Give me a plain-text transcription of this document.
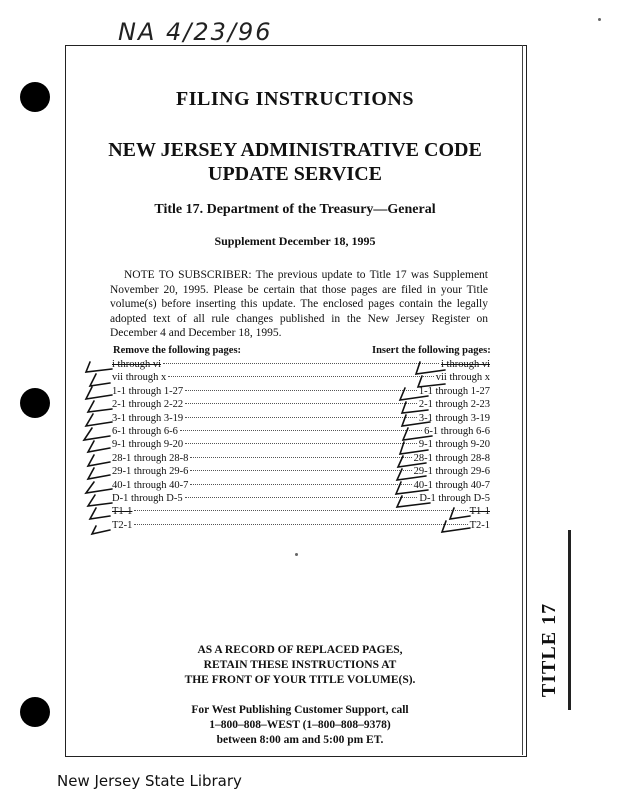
NA 4/23/96
TITLE 17
FILING INSTRUCTIONS
NEW JERSEY ADMINISTRATIVE CODE
UPDATE SERVICE
Title 17. Department of the Treasury—General
Supplement December 18, 1995
NOTE TO SUBSCRIBER: The previous update to Title 17 was Supplement November 20, 1995. Please be certain that those pages are filed in your Title volume(s) before inserting this update. The enclosed pages contain the legally adopted text of all rule changes published in the New Jersey Register on December 4 and December 18, 1995.
Remove the following pages:	Insert the following pages:
i through vi	i through vi
vii through x	vii through x
1-1 through 1-27	1-1 through 1-27
2-1 through 2-22	2-1 through 2-23
3-1 through 3-19	3-1 through 3-19
6-1 through 6-6	6-1 through 6-6
9-1 through 9-20	9-1 through 9-20
28-1 through 28-8	28-1 through 28-8
29-1 through 29-6	29-1 through 29-6
40-1 through 40-7	40-1 through 40-7
D-1 through D-5	D-1 through D-5
T1-1	T1-1
T2-1	T2-1
AS A RECORD OF REPLACED PAGES,
RETAIN THESE INSTRUCTIONS AT
THE FRONT OF YOUR TITLE VOLUME(S).
For West Publishing Customer Support, call
1–800–808–WEST (1–800–808–9378)
between 8:00 am and 5:00 pm ET.
New Jersey State Library
